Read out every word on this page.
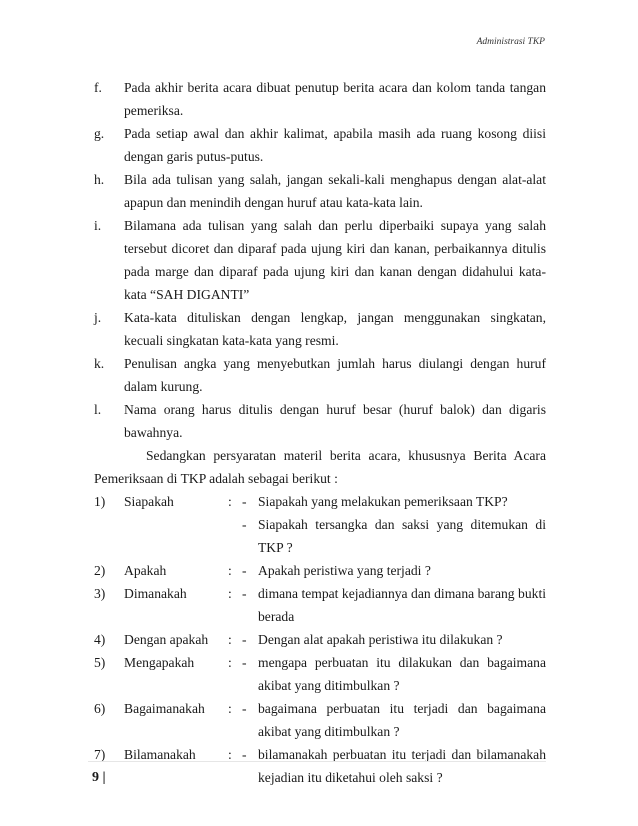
Administrasi TKP
f.	Pada akhir berita acara dibuat penutup berita acara dan kolom tanda tangan pemeriksa.
g.	Pada setiap awal dan akhir kalimat, apabila masih ada ruang kosong diisi dengan garis putus-putus.
h.	Bila ada tulisan yang salah, jangan sekali-kali menghapus dengan alat-alat apapun dan menindih dengan huruf atau kata-kata lain.
i.	Bilamana ada tulisan yang salah dan perlu diperbaiki supaya yang salah tersebut dicoret dan diparaf pada ujung kiri dan kanan, perbaikannya ditulis pada marge dan diparaf pada ujung kiri dan kanan dengan didahului kata-kata “SAH DIGANTI”
j.	Kata-kata dituliskan dengan lengkap, jangan menggunakan singkatan, kecuali singkatan kata-kata yang resmi.
k.	Penulisan angka yang menyebutkan jumlah harus diulangi dengan huruf dalam kurung.
l.	Nama orang harus ditulis dengan huruf besar (huruf balok) dan digaris bawahnya.

Sedangkan persyaratan materil berita acara, khususnya Berita Acara Pemeriksaan di TKP adalah sebagai berikut :

1)	Siapakah	: - Siapakah yang melakukan pemeriksaan TKP?
- Siapakah tersangka dan saksi yang ditemukan di TKP ?
2)	Apakah	: - Apakah peristiwa yang terjadi ?
3)	Dimanakah	: - dimana tempat kejadiannya dan dimana barang bukti berada
4)	Dengan apakah	: - Dengan alat apakah peristiwa itu dilakukan ?
5)	Mengapakah	: - mengapa perbuatan itu dilakukan dan bagaimana akibat yang ditimbulkan ?
6)	Bagaimanakah	: - bagaimana perbuatan itu terjadi dan bagaimana akibat yang ditimbulkan ?
7)	Bilamanakah	: - bilamanakah perbuatan itu terjadi dan bilamanakah kejadian itu diketahui oleh saksi ?
9 |
